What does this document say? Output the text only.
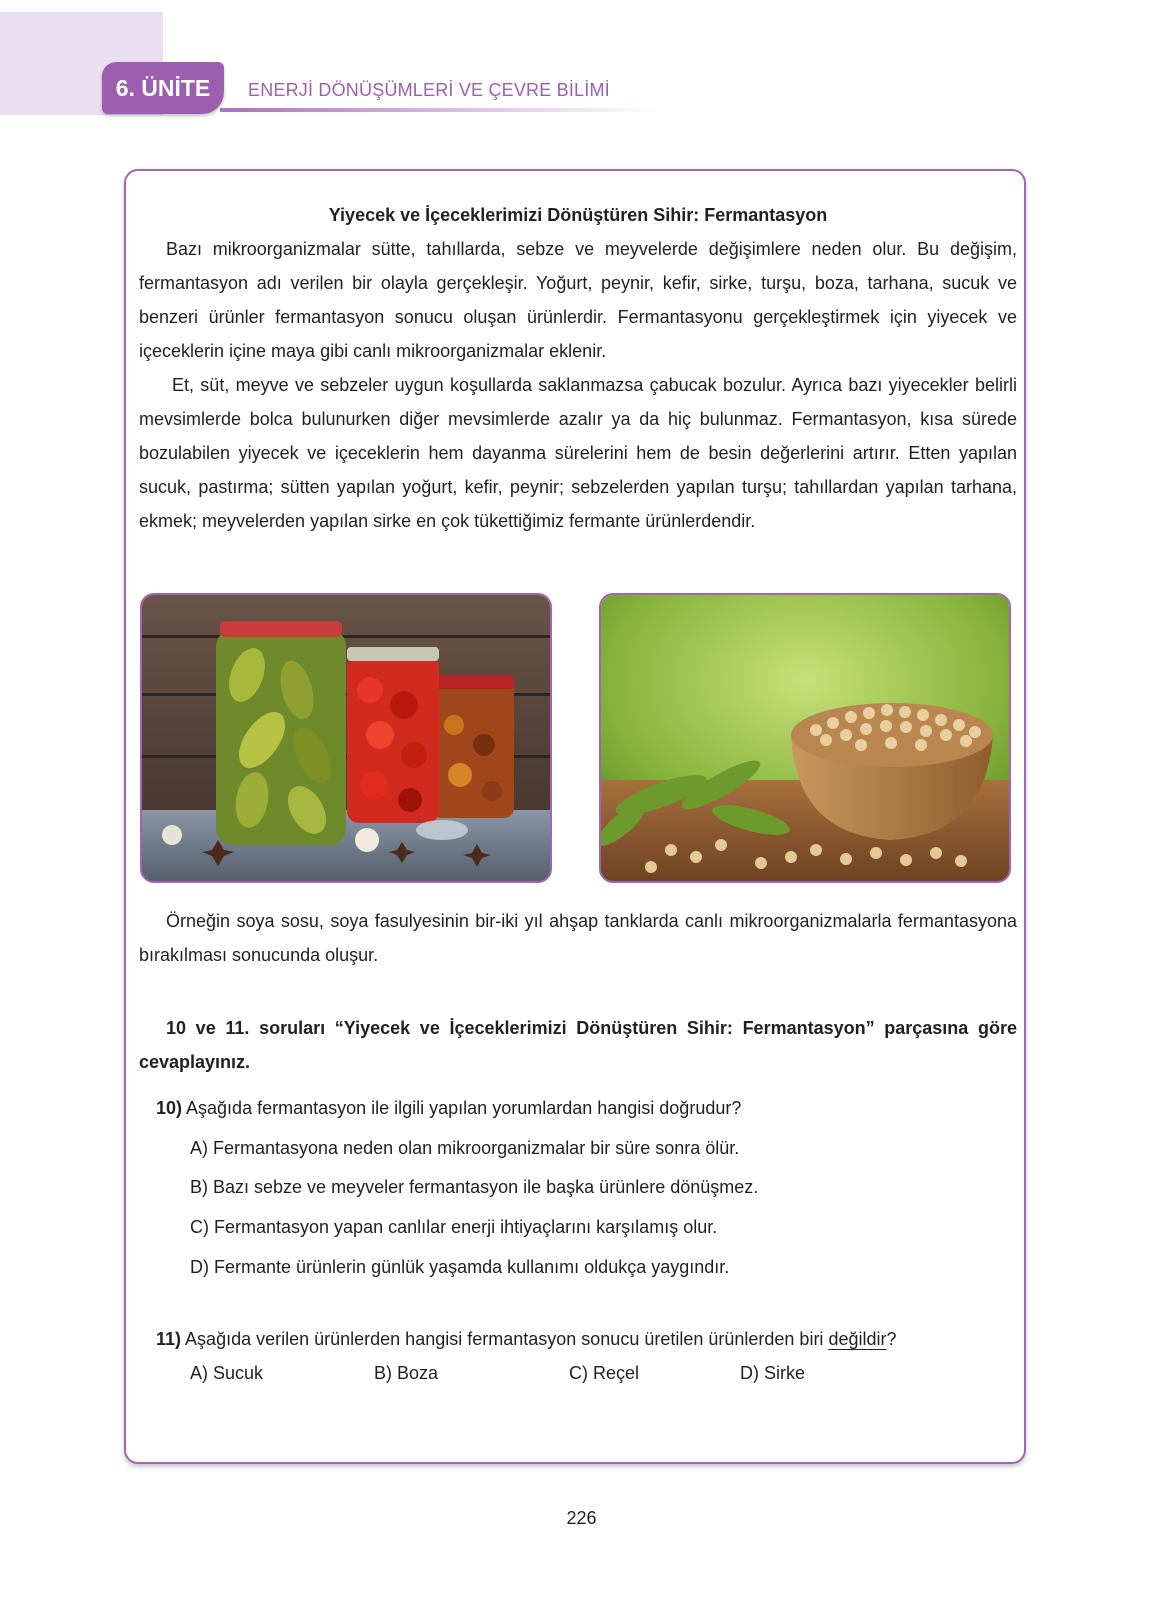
6. ÜNİTE	ENERJİ DÖNÜŞÜMLERİ VE ÇEVRE BİLİMİ
Yiyecek ve İçeceklerimizi Dönüştüren Sihir: Fermantasyon

Bazı mikroorganizmalar sütte, tahıllarda, sebze ve meyvelerde değişimlere neden olur. Bu değişim, fermantasyon adı verilen bir olayla gerçekleşir. Yoğurt, peynir, kefir, sirke, turşu, boza, tarhana, sucuk ve benzeri ürünler fermantasyon sonucu oluşan ürünlerdir. Fermantasyonu gerçekleştirmek için yiyecek ve içeceklerin içine maya gibi canlı mikroorganizmalar eklenir.

Et, süt, meyve ve sebzeler uygun koşullarda saklanmazsa çabucak bozulur. Ayrıca bazı yiyecekler belirli mevsimlerde bolca bulunurken diğer mevsimlerde azalır ya da hiç bulunmaz. Fermantasyon, kısa sürede bozulabilen yiyecek ve içeceklerin hem dayanma sürelerini hem de besin değerlerini artırır. Etten yapılan sucuk, pastırma; sütten yapılan yoğurt, kefir, peynir; sebzelerden yapılan turşu; tahıllardan yapılan tarhana, ekmek; meyvelerden yapılan sirke en çok tükettiğimiz fermante ürünlerdendir.

Örneğin soya sosu, soya fasulyesinin bir-iki yıl ahşap tanklarda canlı mikroorganizmalarla fermantasyona bırakılması sonucunda oluşur.

10 ve 11. soruları “Yiyecek ve İçeceklerimizi Dönüştüren Sihir: Fermantasyon” parçasına göre cevaplayınız.

10) Aşağıda fermantasyon ile ilgili yapılan yorumlardan hangisi doğrudur?
A) Fermantasyona neden olan mikroorganizmalar bir süre sonra ölür.
B) Bazı sebze ve meyveler fermantasyon ile başka ürünlere dönüşmez.
C) Fermantasyon yapan canlılar enerji ihtiyaçlarını karşılamış olur.
D) Fermante ürünlerin günlük yaşamda kullanımı oldukça yaygındır.
11) Aşağıda verilen ürünlerden hangisi fermantasyon sonucu üretilen ürünlerden biri değildir?
A) Sucuk	B) Boza	C) Reçel	D) Sirke
226
